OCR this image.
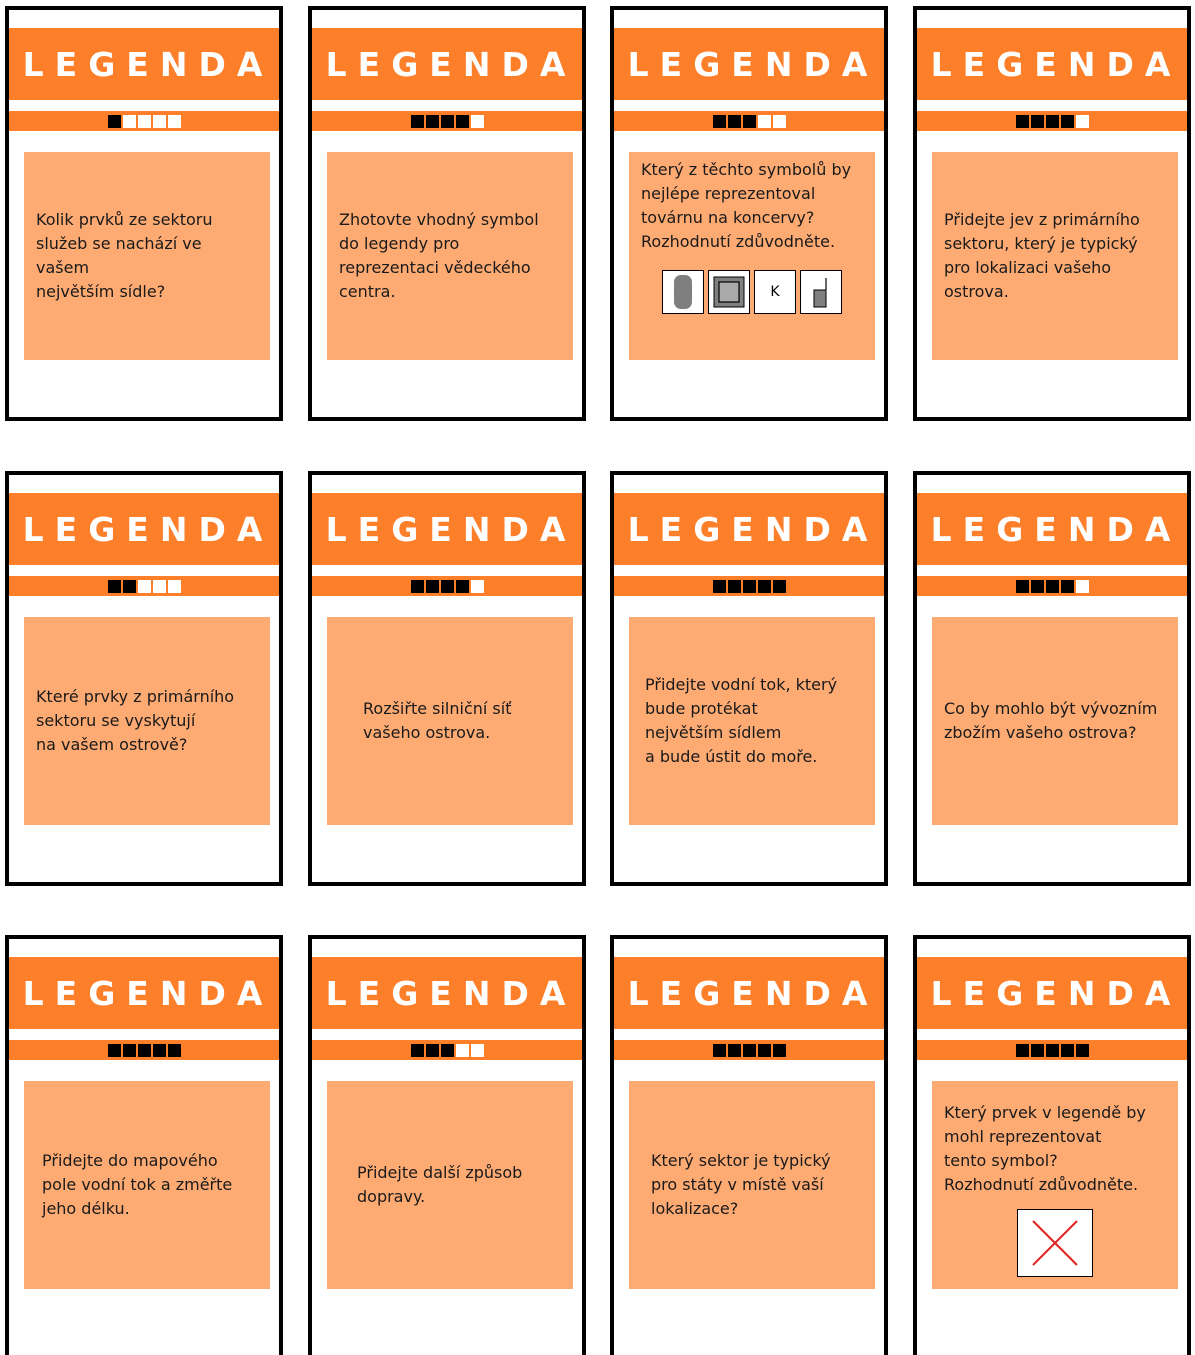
LEGENDA
Kolik prvků ze sektoru
služeb se nachází ve vašem
největším sídle?
LEGENDA
Zhotovte vhodný symbol
do legendy pro
reprezentaci vědeckého
centra.
LEGENDA
Který z těchto symbolů by
nejlépe reprezentoval
továrnu na koncervy?
Rozhodnutí zdůvodněte.
K
LEGENDA
Přidejte jev z primárního
sektoru, který je typický
pro lokalizaci vašeho
ostrova.
LEGENDA
Které prvky z primárního
sektoru se vyskytují
na vašem ostrově?
LEGENDA
Rozšiřte silniční síť
vašeho ostrova.
LEGENDA
Přidejte vodní tok, který
bude protékat
největším sídlem
a bude ústit do moře.
LEGENDA
Co by mohlo být vývozním
zbožím vašeho ostrova?
LEGENDA
Přidejte do mapového
pole vodní tok a změřte
jeho délku.
LEGENDA
Přidejte další způsob
dopravy.
LEGENDA
Který sektor je typický
pro státy v místě vaší
lokalizace?
LEGENDA
Který prvek v legendě by
mohl reprezentovat
tento symbol?
Rozhodnutí zdůvodněte.
